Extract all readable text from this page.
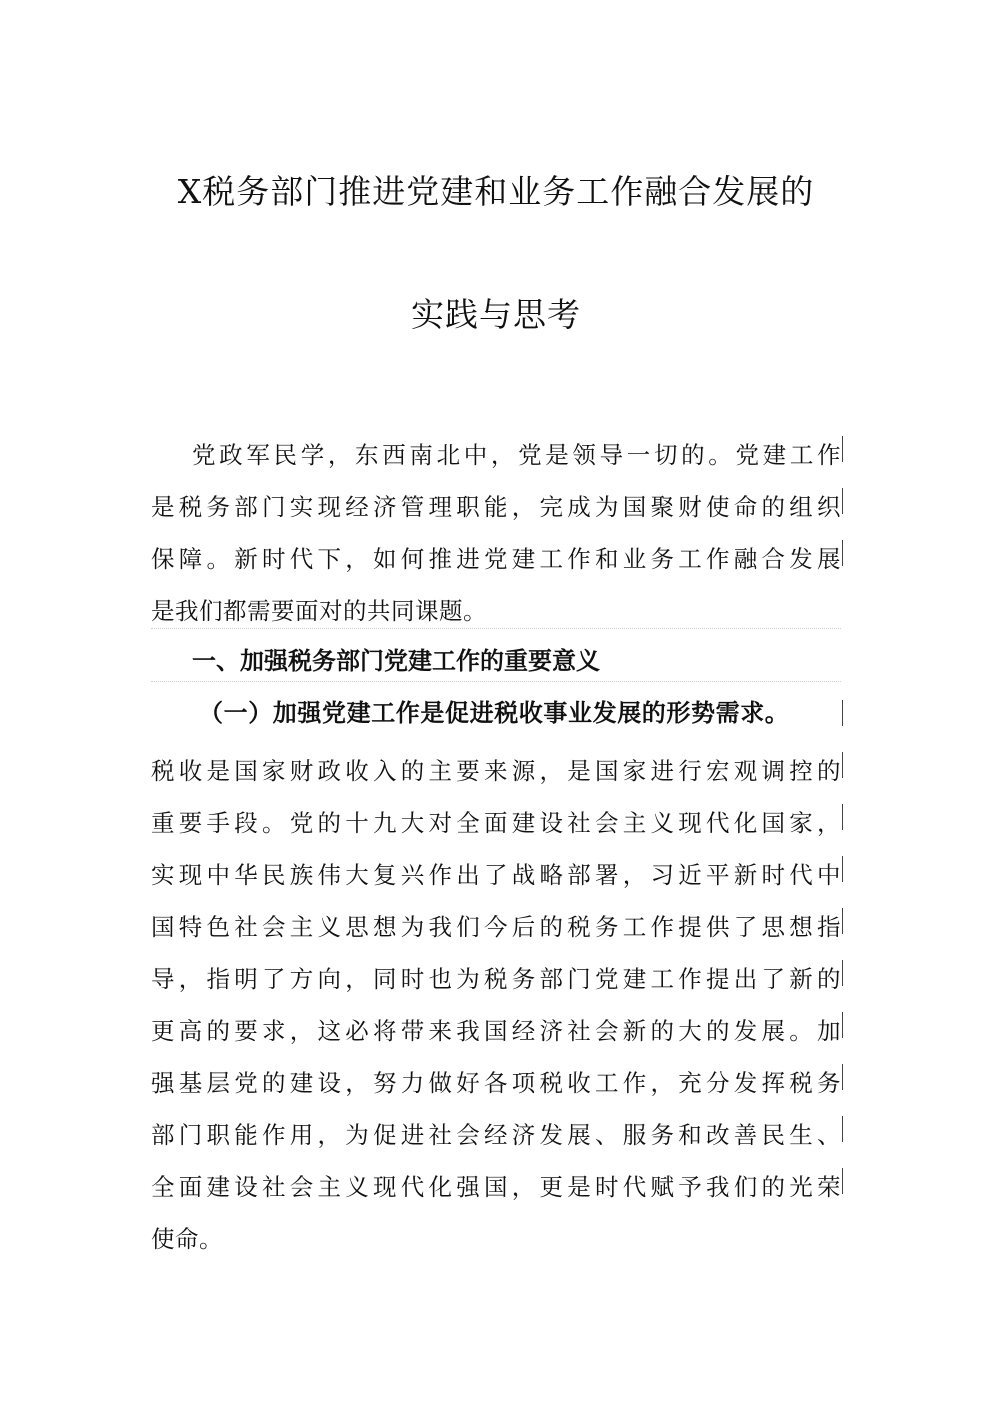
X税务部门推进党建和业务工作融合发展的
实践与思考
党政军民学，东西南北中，党是领导一切的。党建工作
是税务部门实现经济管理职能，完成为国聚财使命的组织
保障。新时代下，如何推进党建工作和业务工作融合发展
是我们都需要面对的共同课题。
一、加强税务部门党建工作的重要意义
（一）加强党建工作是促进税收事业发展的形势需求。
税收是国家财政收入的主要来源，是国家进行宏观调控的
重要手段。党的十九大对全面建设社会主义现代化国家，
实现中华民族伟大复兴作出了战略部署，习近平新时代中
国特色社会主义思想为我们今后的税务工作提供了思想指
导，指明了方向，同时也为税务部门党建工作提出了新的
更高的要求，这必将带来我国经济社会新的大的发展。加
强基层党的建设，努力做好各项税收工作，充分发挥税务
部门职能作用，为促进社会经济发展、服务和改善民生、
全面建设社会主义现代化强国，更是时代赋予我们的光荣
使命。
